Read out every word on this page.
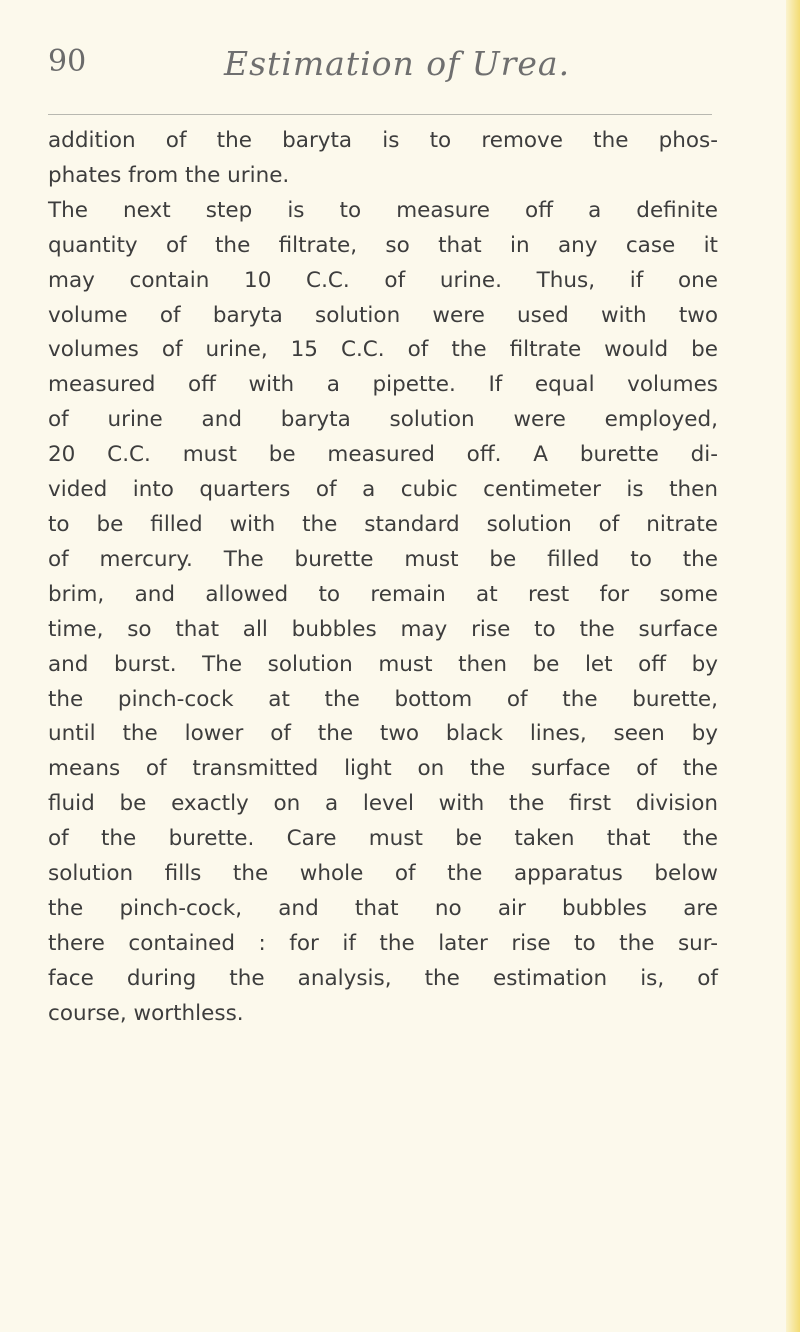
90	Estimation of Urea.
addition of the baryta is to remove the phos-
phates from the urine.
The next step is to measure off a definite
quantity of the filtrate, so that in any case it
may contain 10 C.C. of urine. Thus, if one
volume of baryta solution were used with two
volumes of urine, 15 C.C. of the filtrate would be
measured off with a pipette. If equal volumes
of urine and baryta solution were employed,
20 C.C. must be measured off. A burette di-
vided into quarters of a cubic centimeter is then
to be filled with the standard solution of nitrate
of mercury. The burette must be filled to the
brim, and allowed to remain at rest for some
time, so that all bubbles may rise to the surface
and burst. The solution must then be let off by
the pinch-cock at the bottom of the burette,
until the lower of the two black lines, seen by
means of transmitted light on the surface of the
fluid be exactly on a level with the first division
of the burette. Care must be taken that the
solution fills the whole of the apparatus below
the pinch-cock, and that no air bubbles are
there contained : for if the later rise to the sur-
face during the analysis, the estimation is, of
course, worthless.
